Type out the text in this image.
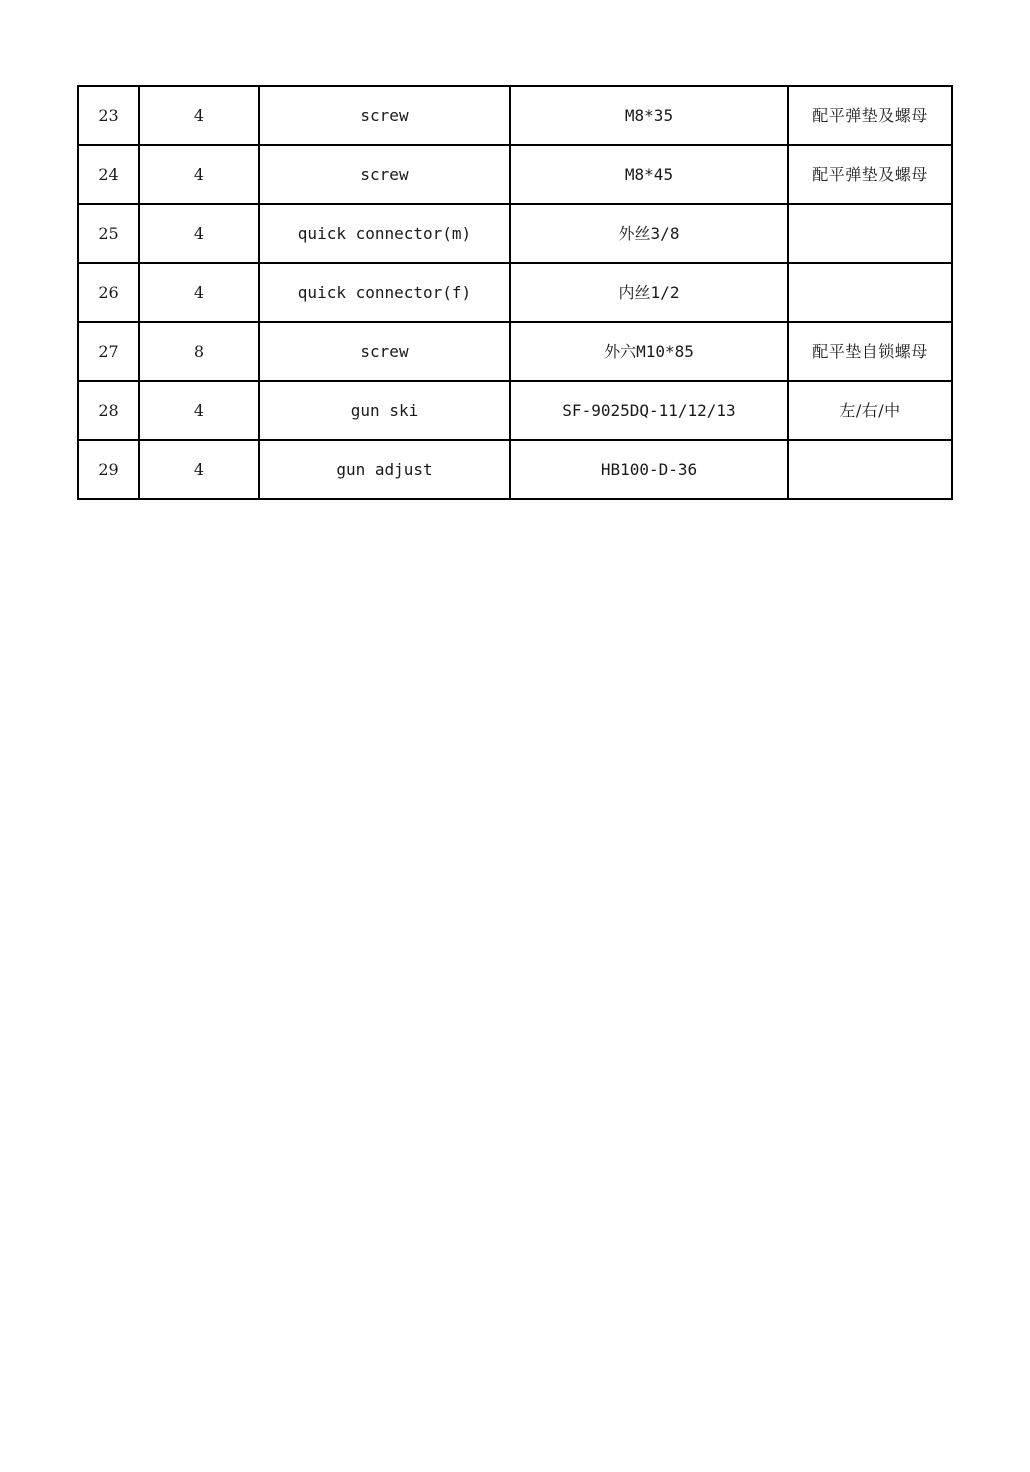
23	4	screw	M8*35	配平弹垫及螺母
24	4	screw	M8*45	配平弹垫及螺母
25	4	quick connector(m)	外丝3/8	
26	4	quick connector(f)	内丝1/2	
27	8	screw	外六M10*85	配平垫自锁螺母
28	4	gun ski	SF-9025DQ-11/12/13	左/右/中
29	4	gun adjust	HB100-D-36	
